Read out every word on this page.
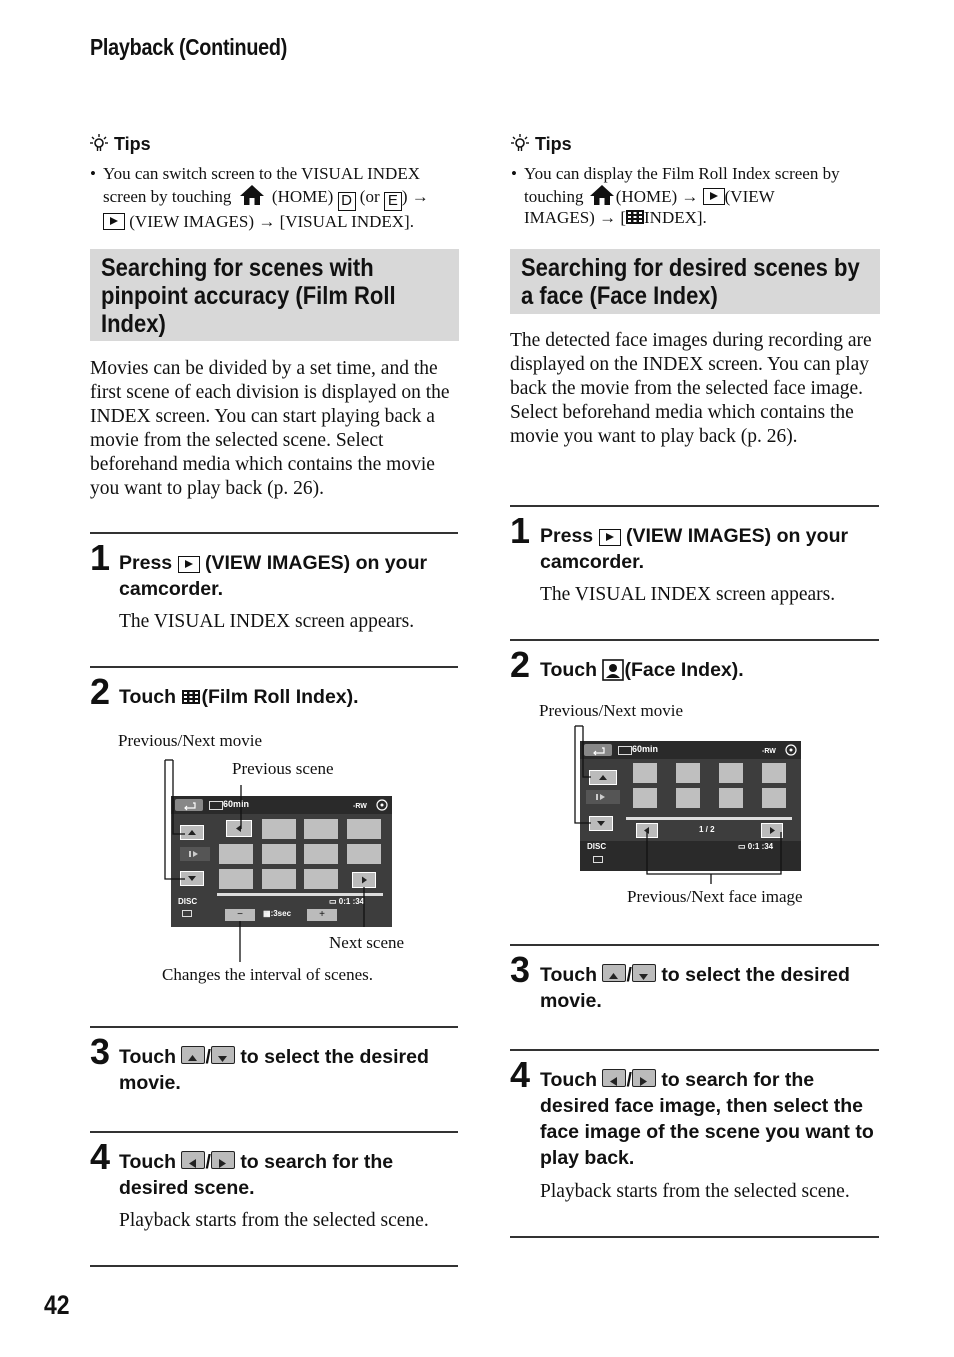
Playback (Continued)
Tips
• You can switch screen to the VISUAL INDEX
screen by touching (HOME) D (or E ) →
(VIEW IMAGES) → [VISUAL INDEX].
Searching for scenes with pinpoint accuracy (Film Roll Index)
Movies can be divided by a set time, and the first scene of each division is displayed on the INDEX screen. You can start playing back a movie from the selected scene. Select beforehand media which contains the movie you want to play back (p. 26).
1 Press (VIEW IMAGES) on your camcorder.
The VISUAL INDEX screen appears.
2 Touch (Film Roll Index).
Previous/Next movie
Previous scene
Next scene
Changes the interval of scenes.
60min	-RW
DISC	▭ 0:1 :34
−	▦:3sec	+
3 Touch / to select the desired movie.
4 Touch / to search for the desired scene.
Playback starts from the selected scene.
Tips
• You can display the Film Roll Index screen by
touching (HOME) → (VIEW
IMAGES) → [ INDEX].
Searching for desired scenes by a face (Face Index)
The detected face images during recording are displayed on the INDEX screen. You can play back the movie from the selected face image. Select beforehand media which contains the movie you want to play back (p. 26).
1 Press (VIEW IMAGES) on your camcorder.
The VISUAL INDEX screen appears.
2 Touch (Face Index).
Previous/Next movie
Previous/Next face image
60min	-RW
1 / 2
DISC	▭ 0:1 :34
3 Touch / to select the desired movie.
4 Touch / to search for the desired face image, then select the face image of the scene you want to play back.
Playback starts from the selected scene.
42
